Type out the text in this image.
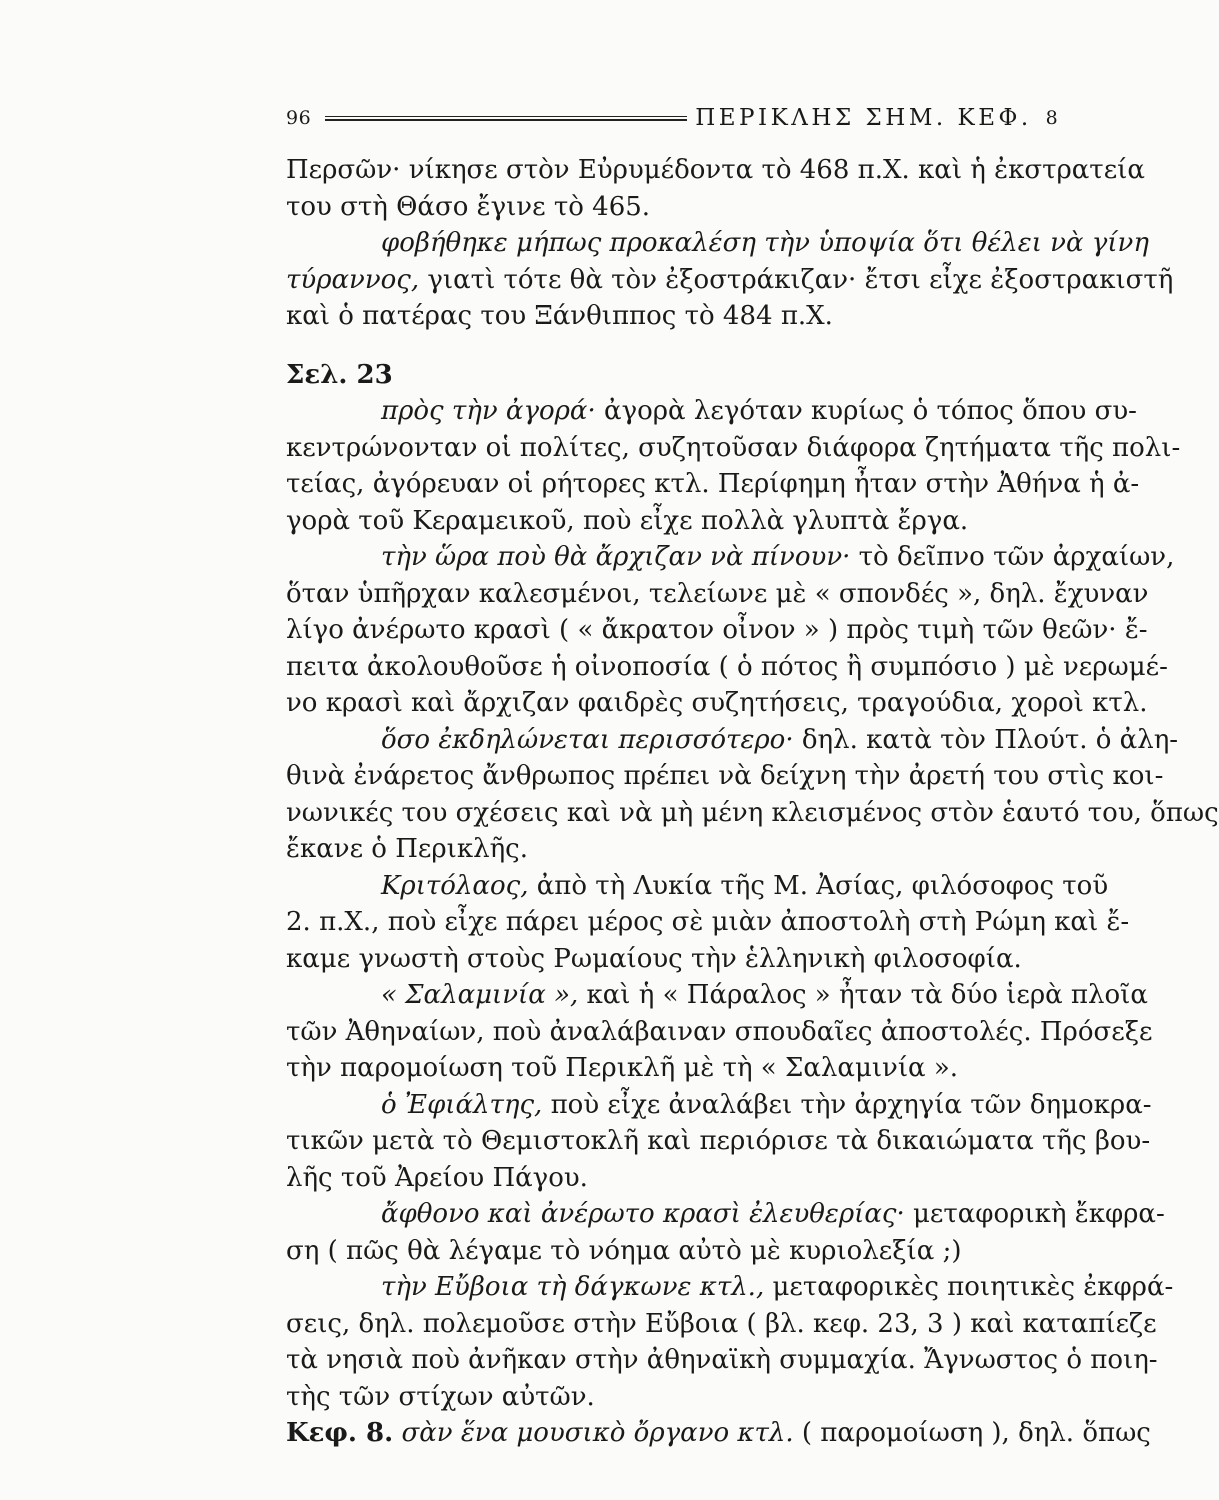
96	ΠΕΡΙΚΛΗΣ ΣΗΜ. ΚΕΦ. 8
Περσῶν· νίκησε στὸν Εὐρυμέδοντα τὸ 468 π.Χ. καὶ ἡ ἐκστρατεία
του στὴ Θάσο ἔγινε τὸ 465.
φοβήθηκε μήπως προκαλέση τὴν ὑποψία ὅτι θέλει νὰ γίνη
τύραννος, γιατὶ τότε θὰ τὸν ἐξοστράκιζαν· ἔτσι εἶχε ἐξοστρακιστῆ
καὶ ὁ πατέρας του Ξάνθιππος τὸ 484 π.Χ.
Σελ. 23
πρὸς τὴν ἀγορά· ἀγορὰ λεγόταν κυρίως ὁ τόπος ὅπου συ-
κεντρώνονταν οἱ πολίτες, συζητοῦσαν διάφορα ζητήματα τῆς πολι-
τείας, ἀγόρευαν οἱ ρήτορες κτλ. Περίφημη ἦταν στὴν Ἀθήνα ἡ ἀ-
γορὰ τοῦ Κεραμεικοῦ, ποὺ εἶχε πολλὰ γλυπτὰ ἔργα.
τὴν ὥρα ποὺ θὰ ἄρχιζαν νὰ πίνουν· τὸ δεῖπνο τῶν ἀρχαίων,
ὅταν ὑπῆρχαν καλεσμένοι, τελείωνε μὲ « σπονδές », δηλ. ἔχυναν
λίγο ἀνέρωτο κρασὶ ( « ἄκρατον οἶνον » ) πρὸς τιμὴ τῶν θεῶν· ἔ-
πειτα ἀκολουθοῦσε ἡ οἰνοποσία ( ὁ πότος ἢ συμπόσιο ) μὲ νερωμέ-
νο κρασὶ καὶ ἄρχιζαν φαιδρὲς συζητήσεις, τραγούδια, χοροὶ κτλ.
ὅσο ἐκδηλώνεται περισσότερο· δηλ. κατὰ τὸν Πλούτ. ὁ ἀλη-
θινὰ ἐνάρετος ἄνθρωπος πρέπει νὰ δείχνη τὴν ἀρετή του στὶς κοι-
νωνικές του σχέσεις καὶ νὰ μὴ μένη κλεισμένος στὸν ἑαυτό του, ὅπως
ἔκανε ὁ Περικλῆς.
Κριτόλαος, ἀπὸ τὴ Λυκία τῆς Μ. Ἀσίας, φιλόσοφος τοῦ
2. π.Χ., ποὺ εἶχε πάρει μέρος σὲ μιὰν ἀποστολὴ στὴ Ρώμη καὶ ἔ-
καμε γνωστὴ στοὺς Ρωμαίους τὴν ἑλληνικὴ φιλοσοφία.
« Σαλαμινία », καὶ ἡ « Πάραλος » ἦταν τὰ δύο ἱερὰ πλοῖα
τῶν Ἀθηναίων, ποὺ ἀναλάβαιναν σπουδαῖες ἀποστολές. Πρόσεξε
τὴν παρομοίωση τοῦ Περικλῆ μὲ τὴ « Σαλαμινία ».
ὁ Ἐφιάλτης, ποὺ εἶχε ἀναλάβει τὴν ἀρχηγία τῶν δημοκρα-
τικῶν μετὰ τὸ Θεμιστοκλῆ καὶ περιόρισε τὰ δικαιώματα τῆς βου-
λῆς τοῦ Ἀρείου Πάγου.
ἄφθονο καὶ ἀνέρωτο κρασὶ ἐλευθερίας· μεταφορικὴ ἔκφρα-
ση ( πῶς θὰ λέγαμε τὸ νόημα αὐτὸ μὲ κυριολεξία ;)
τὴν Εὔβοια τὴ δάγκωνε κτλ., μεταφορικὲς ποιητικὲς ἐκφρά-
σεις, δηλ. πολεμοῦσε στὴν Εὔβοια ( βλ. κεφ. 23, 3 ) καὶ καταπίεζε
τὰ νησιὰ ποὺ ἀνῆκαν στὴν ἀθηναϊκὴ συμμαχία. Ἄγνωστος ὁ ποιη-
τὴς τῶν στίχων αὐτῶν.
Κεφ. 8. σὰν ἕνα μουσικὸ ὄργανο κτλ. ( παρομοίωση ), δηλ. ὅπως
